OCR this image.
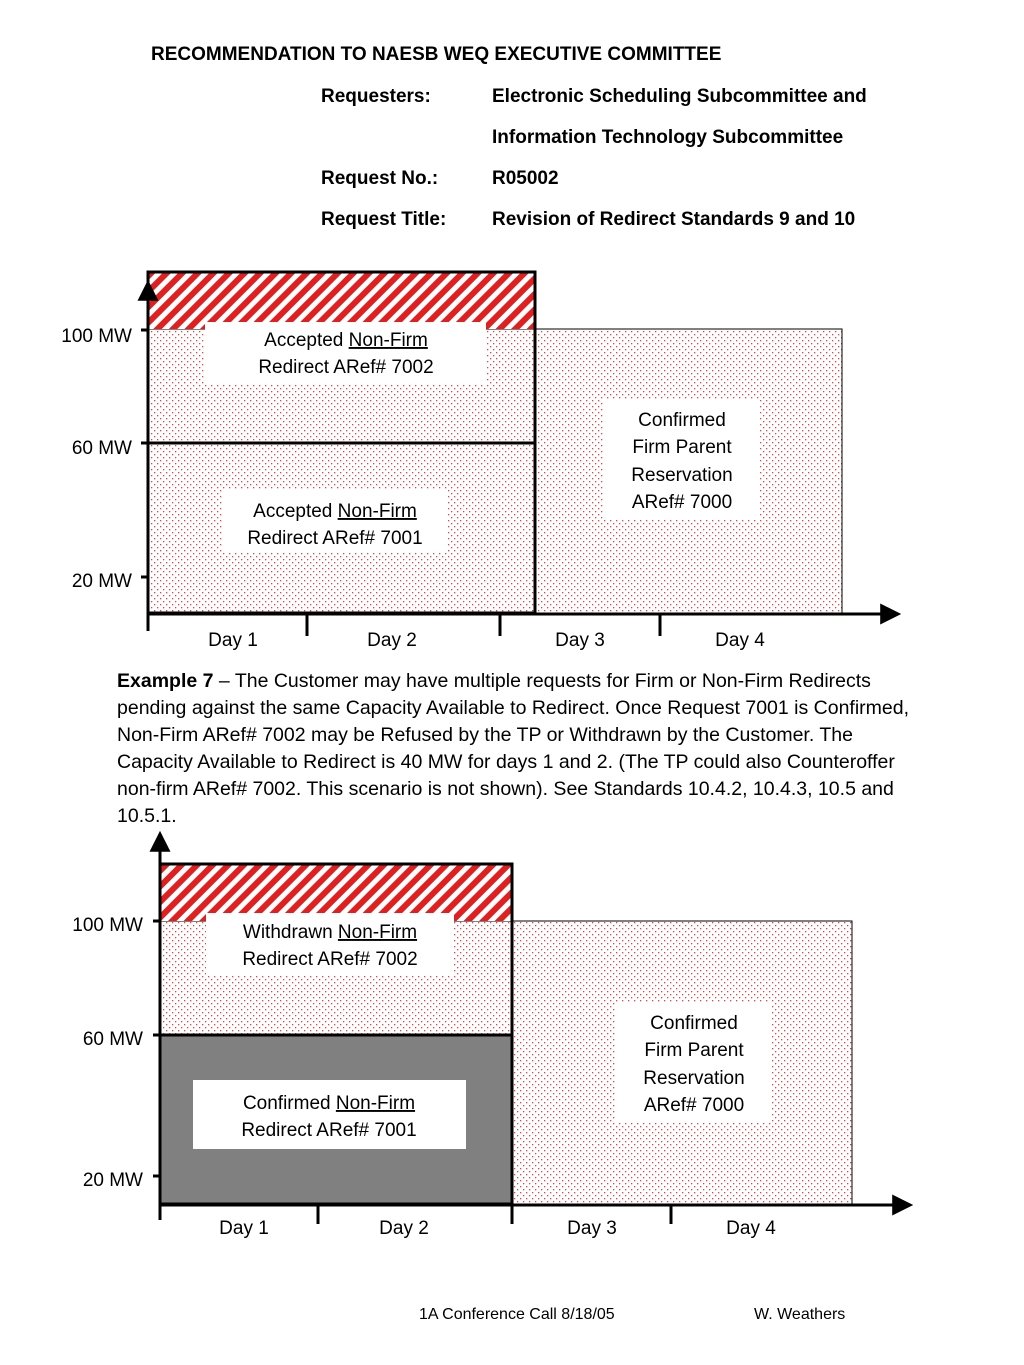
RECOMMENDATION TO NAESB WEQ EXECUTIVE COMMITTEE
Requesters:	Electronic Scheduling Subcommittee and
Information Technology Subcommittee
Request No.:	R05002
Request Title: Revision of Redirect Standards 9 and 10
100 MW
60 MW
20 MW
Day 1	Day 2	Day 3	Day 4
Accepted Non-Firm
Redirect ARef# 7002
Accepted Non-Firm
Redirect ARef# 7001
Confirmed
Firm Parent
Reservation
ARef# 7000
100 MW
60 MW
20 MW
Day 1	Day 2	Day 3	Day 4
Withdrawn Non-Firm
Redirect ARef# 7002
Confirmed Non-Firm
Redirect ARef# 7001
Confirmed
Firm Parent
Reservation
ARef# 7000
Example 7 – The Customer may have multiple requests for Firm or Non-Firm Redirects pending against the same Capacity Available to Redirect. Once Request 7001 is Confirmed, Non-Firm ARef# 7002 may be Refused by the TP or Withdrawn by the Customer. The Capacity Available to Redirect is 40 MW for days 1 and 2. (The TP could also Counteroffer non-firm ARef# 7002. This scenario is not shown). See Standards 10.4.2, 10.4.3, 10.5 and 10.5.1.
1A Conference Call 8/18/05	W. Weathers
